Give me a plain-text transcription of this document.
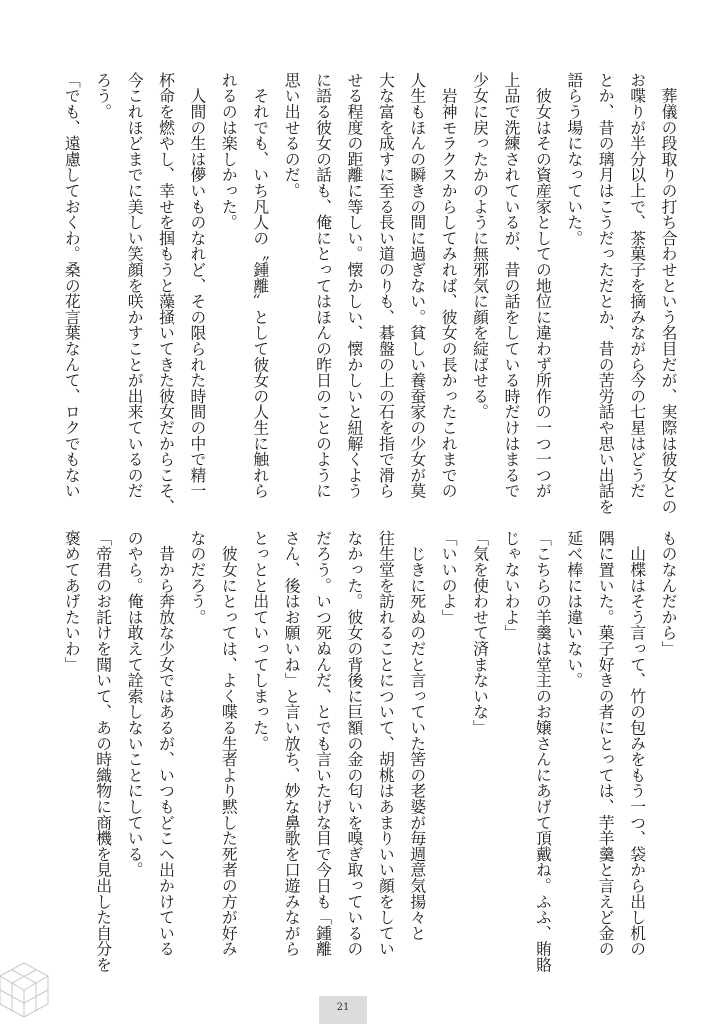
　葬儀の段取りの打ち合わせという名目だが、実際は彼女との
お喋りが半分以上で、茶菓子を摘みながら今の七星はどうだ
とか、昔の璃月はこうだっただとか、昔の苦労話や思い出話を
語らう場になっていた。
　彼女はその資産家としての地位に違わず所作の一つ一つが
上品で洗練されているが、昔の話をしている時だけはまるで
少女に戻ったかのように無邪気に顔を綻ばせる。
　岩神モラクスからしてみれば、彼女の長かったこれまでの
人生もほんの瞬きの間に過ぎない。貧しい養蚕家の少女が莫
大な富を成すに至る長い道のりも、碁盤の上の石を指で滑ら
せる程度の距離に等しい。懐かしい、懐かしいと紐解くよう
に語る彼女の話も、俺にとってはほんの昨日のことのように
思い出せるのだ。
　それでも、いち凡人の〝鍾離〟として彼女の人生に触れら
れるのは楽しかった。
　人間の生は儚いものなれど、その限られた時間の中で精一
杯命を燃やし、幸せを掴もうと藻掻いてきた彼女だからこそ、
今これほどまでに美しい笑顔を咲かすことが出来ているのだ
ろう。
「でも、遠慮しておくわ。桑の花言葉なんて、ロクでもない
ものなんだから」
　山楪はそう言って、竹の包みをもう一つ、袋から出し机の
隅に置いた。菓子好きの者にとっては、芋羊羹と言えど金の
延べ棒には違いない。
「こちらの羊羹は堂主のお嬢さんにあげて頂戴ね。ふふ、賄賂
じゃないわよ」
「気を使わせて済まないな」
「いいのよ」
　じきに死ぬのだと言っていた筈の老婆が毎週意気揚々と
往生堂を訪れることについて、胡桃はあまりいい顔をしてい
なかった。彼女の背後に巨額の金の匂いを嗅ぎ取っているの
だろう。いつ死ぬんだ、とでも言いたげな目で今日も「鍾離
さん、後はお願いね」と言い放ち、妙な鼻歌を口遊みながら
とっとと出ていってしまった。
　彼女にとっては、よく喋る生者より黙した死者の方が好み
なのだろう。
　昔から奔放な少女ではあるが、いつもどこへ出かけている
のやら。俺は敢えて詮索しないことにしている。
「帝君のお託けを聞いて、あの時織物に商機を見出した自分を
褒めてあげたいわ」
21
